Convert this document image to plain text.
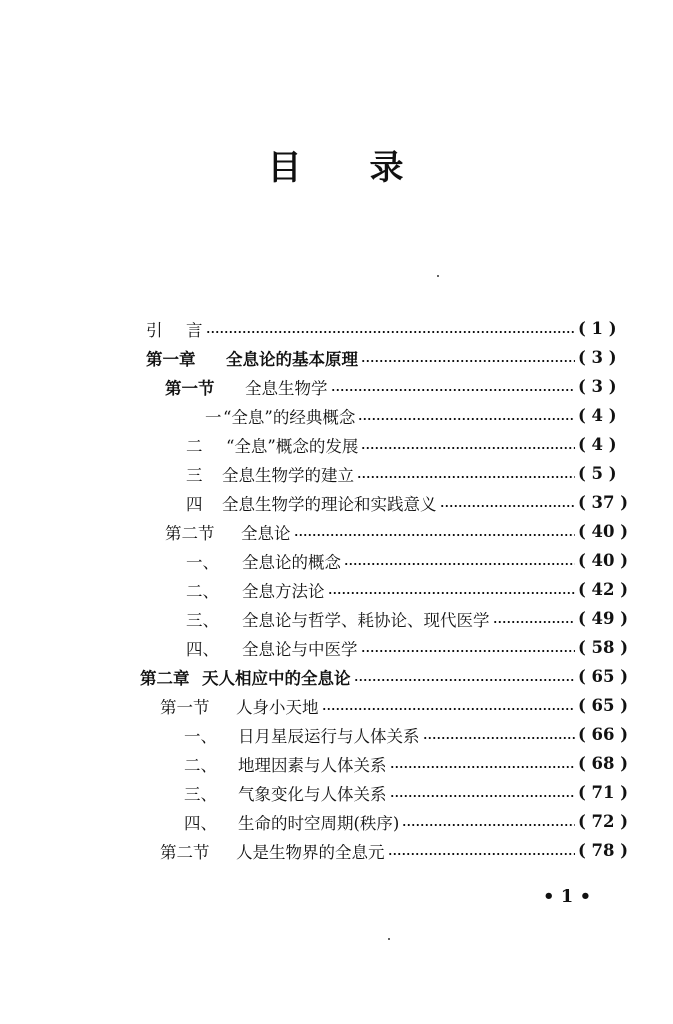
目 录
引	言	( 1 )
第一章	全息论的基本原理	( 3 )
第一节	全息生物学	( 3 )
一 “全息”的经典概念	( 4 )
二	“全息”概念的发展	( 4 )
三	全息生物学的建立	( 5 )
四	全息生物学的理论和实践意义	( 37 )
第二节	全息论	( 40 )
一、	全息论的概念	( 40 )
二、	全息方法论	( 42 )
三、	全息论与哲学、耗协论、现代医学	( 49 )
四、	全息论与中医学	( 58 )
第二章 天人相应中的全息论	( 65 )
第一节	人身小天地	( 65 )
一、	日月星辰运行与人体关系	( 66 )
二、	地理因素与人体关系	( 68 )
三、	气象变化与人体关系	( 71 )
四、	生命的时空周期(秩序)	( 72 )
第二节	人是生物界的全息元	( 78 )
• 1 •
